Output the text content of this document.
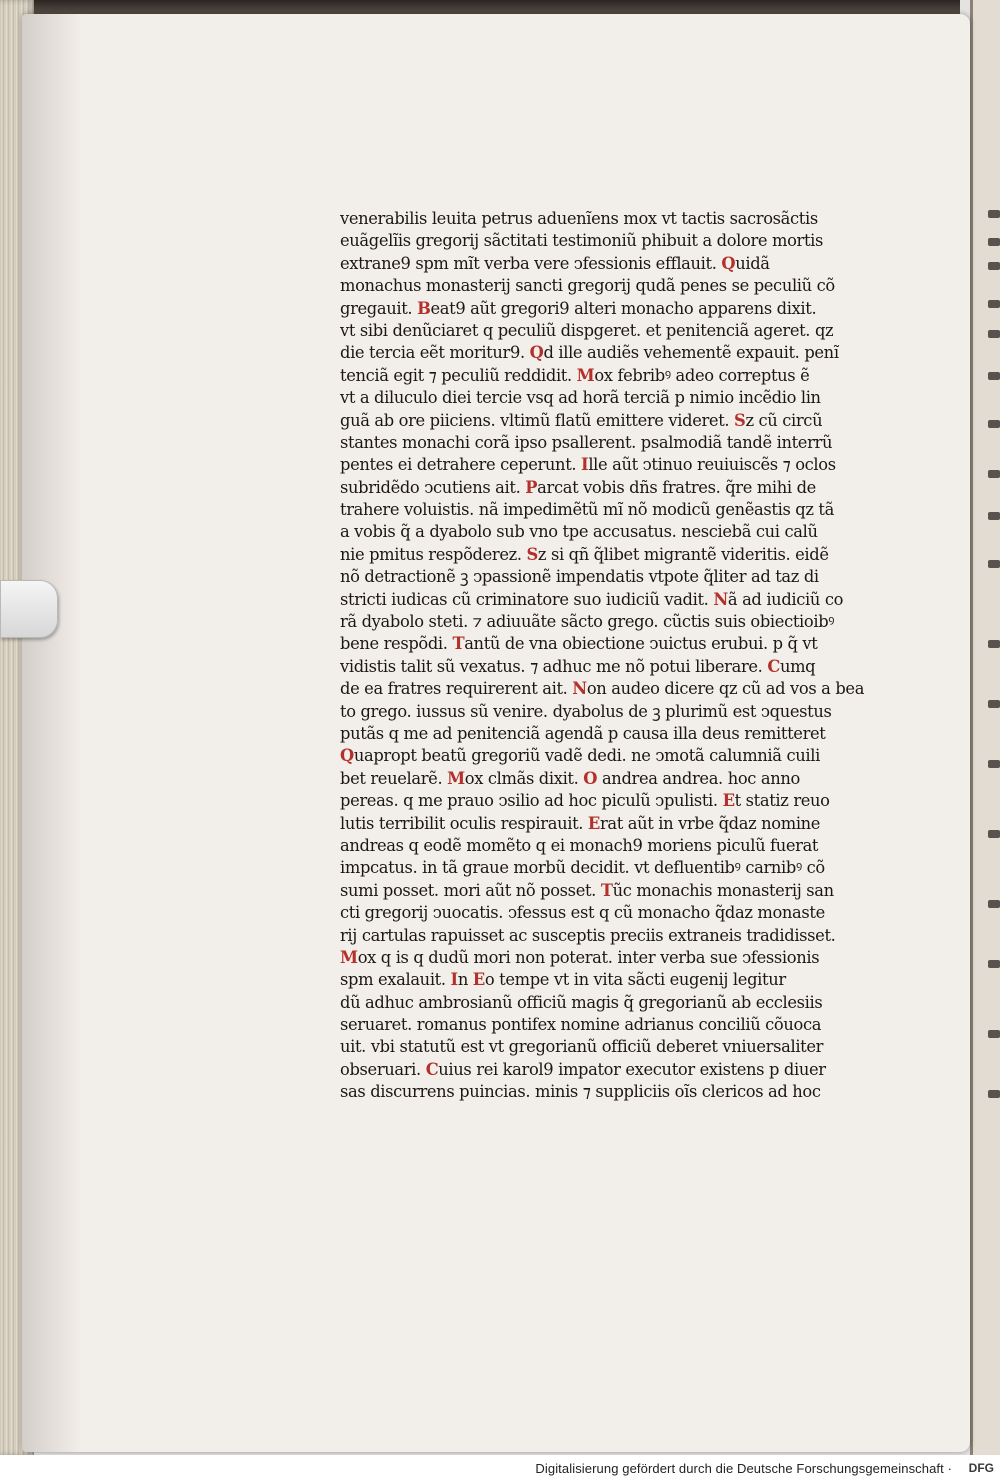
venerabilis leuita petrus aduenĩens mox vt tactis sacrosãctis
euãgelĩis gregorij sãctitati testimoniũ phibuit a dolore mortis
extrane9 spm mĩt verba vere ↄfessionis efflauit. Quidã
monachus monasterij sancti gregorij qudã penes se peculiũ cõ
gregauit. Beat9 aũt gregori9 alteri monacho apparens dixit.
vt sibi denũciaret q peculiũ dispgeret. et penitenciã ageret. qz
die tercia eẽt moritur9. Qd ille audiẽs vehementẽ expauit. penĩ
tenciã egit ⁊ peculiũ reddidit. Mox febribꝰ adeo correptus ẽ
vt a diluculo diei tercie vsq ad horã terciã p nimio incẽdio lin
guã ab ore piiciens. vltimũ flatũ emittere videret. Sz cũ circũ
stantes monachi corã ipso psallerent. psalmodiã tandẽ interrũ
pentes ei detrahere ceperunt. Ille aũt ↄtinuo reuiuiscẽs ⁊ oclos
subridẽdo ↄcutiens ait. Parcat vobis dñs fratres. q̃re mihi de
trahere voluistis. nã impedimẽtũ mĩ nõ modicũ genẽastis qz tã
a vobis q̃ a dyabolo sub vno tpe accusatus. nesciebã cui calũ
nie pmitus respõderez. Sz si qñ q̃libet migrantẽ videritis. eidẽ
nõ detractionẽ ꝫ ↄpassionẽ impendatis vtpote q̃liter ad taz di
stricti iudicas cũ criminatore suo iudiciũ vadit. Nã ad iudiciũ co
rã dyabolo steti. ⁊ adiuuãte sãcto grego. cũctis suis obiectioibꝰ
bene respõdi. Tantũ de vna obiectione ↄuictus erubui. p q̃ vt
vidistis talit sũ vexatus. ⁊ adhuc me nõ potui liberare. Cumq
de ea fratres requirerent ait. Non audeo dicere qz cũ ad vos a bea
to grego. iussus sũ venire. dyabolus de ꝫ plurimũ est ↄquestus
putãs q me ad penitenciã agendã p causa illa deus remitteret
Quapropt beatũ gregoriũ vadẽ dedi. ne ↄmotã calumniã cuili
bet reuelarẽ. Mox clmãs dixit. O andrea andrea. hoc anno
pereas. q me prauo ↄsilio ad hoc piculũ ↄpulisti. Et statiz reuo
lutis terribilit oculis respirauit. Erat aũt in vrbe q̃daz nomine
andreas q eodẽ momẽto q ei monach9 moriens piculũ fuerat
impcatus. in tã graue morbũ decidit. vt defluentibꝰ carnibꝰ cõ
sumi posset. mori aũt nõ posset. Tũc monachis monasterij san
cti gregorij ↄuocatis. ↄfessus est q cũ monacho q̃daz monaste
rij cartulas rapuisset ac susceptis preciis extraneis tradidisset.
Mox q is q dudũ mori non poterat. inter verba sue ↄfessionis
spm exalauit. In Eo tempe vt in vita sãcti eugenij legitur
dũ adhuc ambrosianũ officiũ magis q̃ gregorianũ ab ecclesiis
seruaret. romanus pontifex nomine adrianus conciliũ cõuoca
uit. vbi statutũ est vt gregorianũ officiũ deberet vniuersaliter
obseruari. Cuius rei karol9 impator executor existens p diuer
sas discurrens puincias. minis ⁊ suppliciis oĩs clericos ad hoc
Digitalisierung gefördert durch die Deutsche Forschungsgemeinschaft · DFG
